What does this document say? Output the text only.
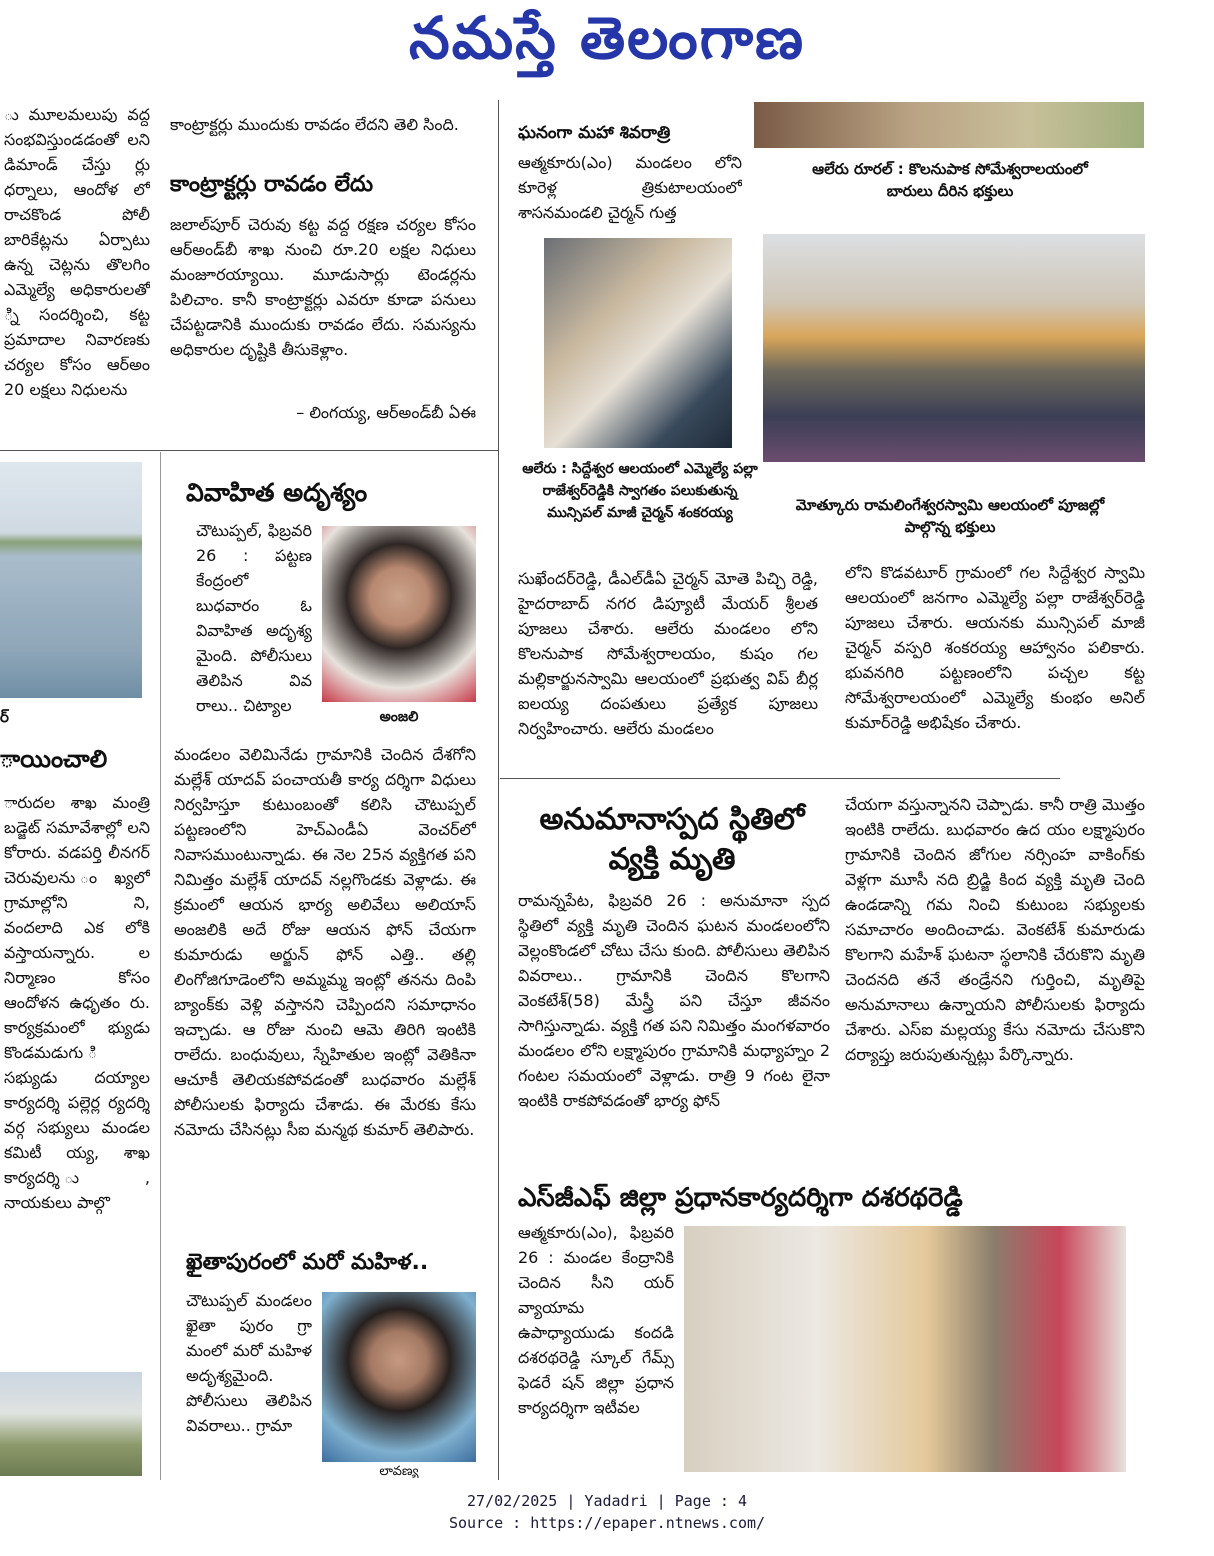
నమస్తే తెలంగాణ
ు మూలమలుపు వద్ద సంభవిస్తుండడంతో లని డిమాండ్ చేస్తు ర్లు ధర్నాలు, ఆందోళ లో రాచకొండ పోలీ బారికేట్లను ఏర్పాటు ఉన్న చెట్లను తొలగిం ఎమ్మెల్యే అధికారులతో ్ని సందర్శించి, కట్ట ప్రమాదాల నివారణకు చర్యల కోసం ఆర్అం 20 లక్షలు నిధులను
ర్
ాయించాలి
ారుదల శాఖ మంత్రి బడ్జెట్ సమావేశాల్లో లని కోరారు. వడపర్తి లీనగర్ చెరువులను ంఖ్యలో గ్రామాల్లోని ని, వందలాది ఎక లోకి వస్తాయన్నారు. ల నిర్మాణం కోసం ఆందోళన ఉధృతం రు. కార్యక్రమంలో భ్యుడు కొండమడుగు ి సభ్యుడు దయ్యాల కార్యదర్శి పల్లెర్ల ర్యదర్శి వర్గ సభ్యులు మండల కమిటీ య్య, శాఖ కార్యదర్శి ు, నాయకులు పాల్గొ
కాంట్రాక్టర్లు ముందుకు రావడం లేదని తెలి సింది.
కాంట్రాక్టర్లు రావడం లేదు
జలాల్‌పూర్ చెరువు కట్ట వద్ద రక్షణ చర్యల కోసం ఆర్అండ్‌బీ శాఖ నుంచి రూ.20 లక్షల నిధులు మంజూరయ్యాయి. మూడుసార్లు టెండర్లను పిలిచాం. కానీ కాంట్రాక్టర్లు ఎవరూ కూడా పనులు చేపట్టడానికి ముందుకు రావడం లేదు. సమస్యను అధికారుల దృష్టికి తీసుకెళ్లాం.
– లింగయ్య, ఆర్అండ్‌బీ ఏఈ
ఘనంగా మహా శివరాత్రి
ఆత్మకూరు(ఎం) మండలం లోని కూరెళ్ల త్రికుటాలయంలో శాసనమండలి చైర్మన్ గుత్త
ఆలేరు రూరల్ : కొలనుపాక సోమేశ్వరాలయంలో బారులు దీరిన భక్తులు
ఆలేరు : సిద్దేశ్వర ఆలయంలో ఎమ్మెల్యే పల్లా రాజేశ్వర్‌రెడ్డికి స్వాగతం పలుకుతున్న మున్సిపల్ మాజీ చైర్మన్ శంకరయ్య	మోత్కూరు రామలింగేశ్వరస్వామి ఆలయంలో పూజల్లో పాల్గొన్న భక్తులు
సుఖేందర్‌రెడ్డి, డీఎల్‌డీఏ చైర్మన్ మోతె పిచ్చి రెడ్డి, హైదరాబాద్ నగర డిప్యూటీ మేయర్ శ్రీలత పూజలు చేశారు. ఆలేరు మండలం లోని కొలనుపాక సోమేశ్వరాలయం, కుషం గల మల్లికార్జునస్వామి ఆలయంలో ప్రభుత్వ విప్ బీర్ల ఐలయ్య దంపతులు ప్రత్యేక పూజలు నిర్వహించారు. ఆలేరు మండలం
లోని కొడవటూర్ గ్రామంలో గల సిద్దేశ్వర స్వామి ఆలయంలో జనగాం ఎమ్మెల్యే పల్లా రాజేశ్వర్‌రెడ్డి పూజలు చేశారు. ఆయనకు మున్సిపల్ మాజీ చైర్మన్ వస్పరి శంకరయ్య ఆహ్వానం పలికారు. భువనగిరి పట్టణంలోని పచ్చల కట్ట సోమేశ్వరాలయంలో ఎమ్మెల్యే కుంభం అనిల్ కుమార్‌రెడ్డి అభిషేకం చేశారు.
వివాహిత అదృశ్యం
చౌటుప్పల్, ఫిబ్రవరి 26 : పట్టణ కేంద్రంలో బుధవారం ఓ వివాహిత అదృశ్య మైంది. పోలీసులు తెలిపిన వివ రాలు.. చిట్యాల
అంజలి
మండలం వెలిమినేడు గ్రామానికి చెందిన దేశగోని మల్లేశ్ యాదవ్ పంచాయతీ కార్య దర్శిగా విధులు నిర్వహిస్తూ కుటుంబంతో కలిసి చౌటుప్పల్ పట్టణంలోని హెచ్ఎండీఏ వెంచర్‌లో నివాసముంటున్నాడు. ఈ నెల 25న వ్యక్తిగత పని నిమిత్తం మల్లేశ్ యాదవ్ నల్లగొండకు వెళ్లాడు. ఈ క్రమంలో ఆయన భార్య అలివేలు అలియాస్ అంజలికి అదే రోజు ఆయన ఫోన్ చేయగా కుమారుడు అర్జున్ ఫోన్ ఎత్తి.. తల్లి లింగోజిగూడెంలోని అమ్మమ్మ ఇంట్లో తనను దింపి బ్యాంక్‌కు వెళ్లి వస్తానని చెప్పిందని సమాధానం ఇచ్చాడు. ఆ రోజు నుంచి ఆమె తిరిగి ఇంటికి రాలేదు. బంధువులు, స్నేహితుల ఇంట్లో వెతికినా ఆచూకీ తెలియకపోవడంతో బుధవారం మల్లేశ్ పోలీసులకు ఫిర్యాదు చేశాడు. ఈ మేరకు కేసు నమోదు చేసినట్లు సీఐ మన్మథ కుమార్ తెలిపారు.
ఖైతాపురంలో మరో మహిళ..
చౌటుప్పల్ మండలం ఖైతా పురం గ్రా మంలో మరో మహిళ అదృశ్యమైంది. పోలీసులు తెలిపిన వివరాలు.. గ్రామా
లావణ్య
అనుమానాస్పద స్థితిలో
వ్యక్తి మృతి
రామన్నపేట, ఫిబ్రవరి 26 : అనుమానా స్పద స్థితిలో వ్యక్తి మృతి చెందిన ఘటన మండలంలోని వెల్లంకొండలో చోటు చేసు కుంది. పోలీసులు తెలిపిన వివరాలు.. గ్రామానికి చెందిన కొలగాని వెంకటేశ్(58) మేస్త్రీ పని చేస్తూ జీవనం సాగిస్తున్నాడు. వ్యక్తి గత పని నిమిత్తం మంగళవారం మండలం లోని లక్ష్మాపురం గ్రామానికి మధ్యాహ్నం 2 గంటల సమయంలో వెళ్లాడు. రాత్రి 9 గంట లైనా ఇంటికి రాకపోవడంతో భార్య ఫోన్
చేయగా వస్తున్నానని చెప్పాడు. కానీ రాత్రి మొత్తం ఇంటికి రాలేదు. బుధవారం ఉద యం లక్ష్మాపురం గ్రామానికి చెందిన జోగుల నర్సింహ వాకింగ్‌కు వెళ్లగా మూసీ నది బ్రిడ్జి కింద వ్యక్తి మృతి చెంది ఉండడాన్ని గమ నించి కుటుంబ సభ్యులకు సమాచారం అందించాడు. వెంకటేశ్ కుమారుడు కొలగాని మహేశ్ ఘటనా స్థలానికి చేరుకొని మృతి చెందనది తనే తండ్రేనని గుర్తించి, మృతిపై అనుమానాలు ఉన్నాయని పోలీసులకు ఫిర్యాదు చేశారు. ఎస్ఐ మల్లయ్య కేసు నమోదు చేసుకొని దర్యాప్తు జరుపుతున్నట్లు పేర్కొన్నారు.
ఎస్‌జీఎఫ్ జిల్లా ప్రధానకార్యదర్శిగా దశరథరెడ్డి
ఆత్మకూరు(ఎం), ఫిబ్రవరి 26 : మండల కేంద్రానికి చెందిన సీని యర్ వ్యాయామ ఉపాధ్యాయుడు కందడి దశరథరెడ్డి స్కూల్ గేమ్స్ ఫెడరే షన్ జిల్లా ప్రధాన కార్యదర్శిగా ఇటీవల
27/02/2025 | Yadadri | Page : 4
Source : https://epaper.ntnews.com/
